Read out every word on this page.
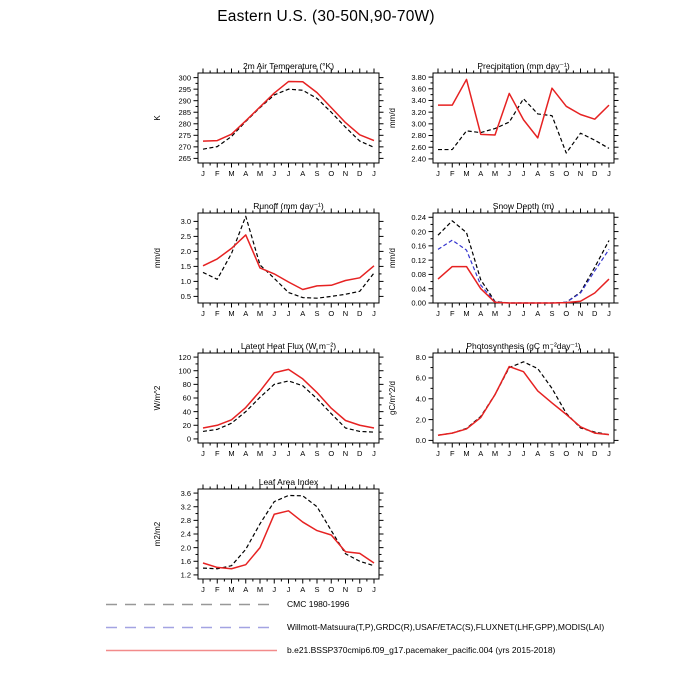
Eastern U.S. (30-50N,90-70W)
2m Air Temperature (°K)
K
265
270
275
280
285
290
295
300
J F M A M J J A S O N D J
Precipitation (mm day⁻¹)
mm/d
2.40
2.60
2.80
3.00
3.20
3.40
3.60
3.80
J F M A M J J A S O N D J
Runoff (mm day⁻¹)
mm/d
0.5
1.0
1.5
2.0
2.5
3.0
J F M A M J J A S O N D J
Snow Depth (m)
mm/d
0.00
0.04
0.08
0.12
0.16
0.20
0.24
J F M A M J J A S O N D J
Latent Heat Flux (W m⁻²)
W/m^2
0
20
40
60
80
100
120
J F M A M J J A S O N D J
Photosynthesis (gC m⁻²day⁻¹)
gC/m^2/d
0.0
2.0
4.0
6.0
8.0
J F M A M J J A S O N D J
Leaf Area Index
m2/m2
1.2
1.6
2.0
2.4
2.8
3.2
3.6
J F M A M J J A S O N D J
CMC 1980-1996
Willmott-Matsuura(T,P),GRDC(R),USAF/ETAC(S),FLUXNET(LHF,GPP),MODIS(LAI)
b.e21.BSSP370cmip6.f09_g17.pacemaker_pacific.004 (yrs 2015-2018)
